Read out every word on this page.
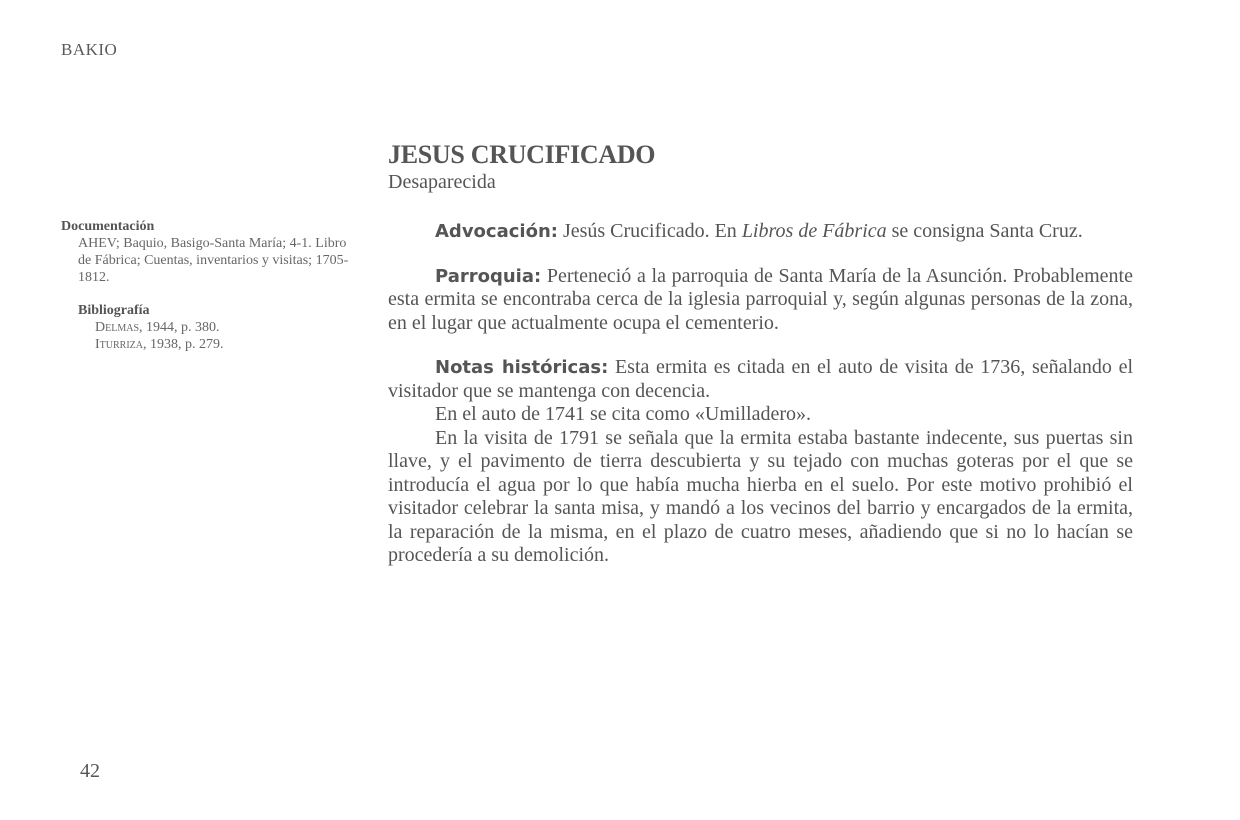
BAKIO
Documentación
AHEV; Baquio, Basigo-Santa María; 4-1. Libro de Fábrica; Cuentas, inventarios y visitas; 1705-1812.
Bibliografía
Delmas, 1944, p. 380.
Iturriza, 1938, p. 279.
JESUS CRUCIFICADO
Desaparecida

Advocación: Jesús Crucificado. En Libros de Fábrica se consigna Santa Cruz.

Parroquia: Perteneció a la parroquia de Santa María de la Asunción. Probablemente esta ermita se encontraba cerca de la iglesia parroquial y, según algunas personas de la zona, en el lugar que actualmente ocupa el cementerio.

Notas históricas: Esta ermita es citada en el auto de visita de 1736, señalando el visitador que se mantenga con decencia.

En el auto de 1741 se cita como «Umilladero».

En la visita de 1791 se señala que la ermita estaba bastante indecente, sus puertas sin llave, y el pavimento de tierra descubierta y su tejado con muchas goteras por el que se introducía el agua por lo que había mucha hierba en el suelo. Por este motivo prohibió el visitador celebrar la santa misa, y mandó a los vecinos del barrio y encargados de la ermita, la reparación de la misma, en el plazo de cuatro meses, añadiendo que si no lo hacían se procedería a su demolición.

42
